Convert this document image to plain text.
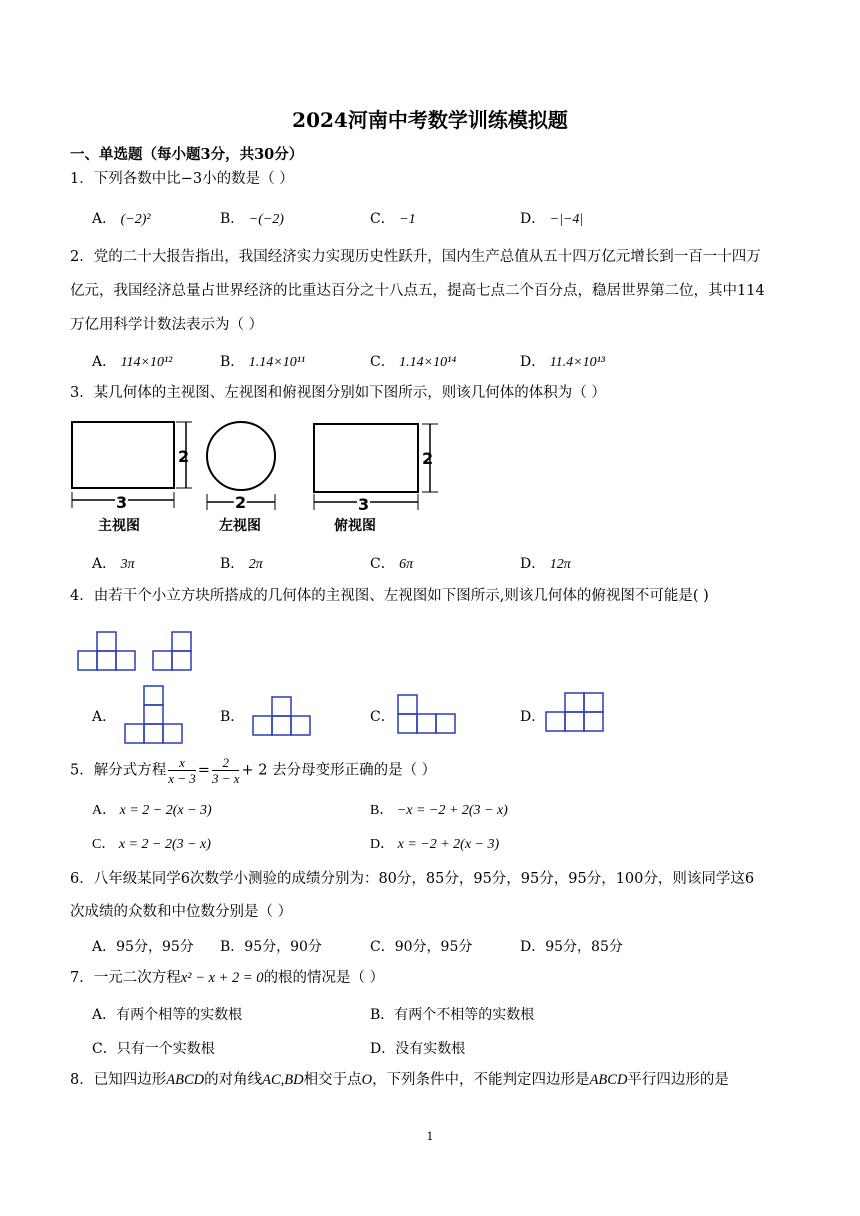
2024河南中考数学训练模拟题
一、单选题（每小题3分，共30分）
1．下列各数中比−3小的数是（ ）
A． (−2)²	B． −(−2)	C． −1	D． −|−4|
2．党的二十大报告指出，我国经济实力实现历史性跃升，国内生产总值从五十四万亿元增长到一百一十四万
亿元，我国经济总量占世界经济的比重达百分之十八点五，提高七点二个百分点，稳居世界第二位，其中114
万亿用科学计数法表示为（ ）
A． 114×10¹²	B． 1.14×10¹¹	C． 1.14×10¹⁴	D． 11.4×10¹³
3．某几何体的主视图、左视图和俯视图分别如下图所示，则该几何体的体积为（ ）
2
3
主视图
2
左视图
2
3
俯视图
A． 3π	B． 2π	C． 6π	D． 12π
4．由若干个小立方块所搭成的几何体的主视图、左视图如下图所示,则该几何体的俯视图不可能是( )
A．	B．	C．	D．
5．解分式方程 $\frac{x}{x - 3} = \frac{2}{3 - x} + 2$ 去分母变形正确的是（ ）
A． x = 2 − 2(x − 3)	B． −x = −2 + 2(3 − x)
C． x = 2 − 2(3 − x)	D． x = −2 + 2(x − 3)
6．八年级某同学6次数学小测验的成绩分别为：80分，85分，95分，95分，95分，100分，则该同学这6
次成绩的众数和中位数分别是（ ）
A．95分，95分 B．95分，90分	C．90分，95分	D．95分，85分
7．一元二次方程x² − x + 2 = 0的根的情况是（ ）
A．有两个相等的实数根	B．有两个不相等的实数根
C．只有一个实数根	D．没有实数根
8．已知四边形ABCD的对角线AC,BD相交于点O，下列条件中，不能判定四边形是ABCD平行四边形的是
1
